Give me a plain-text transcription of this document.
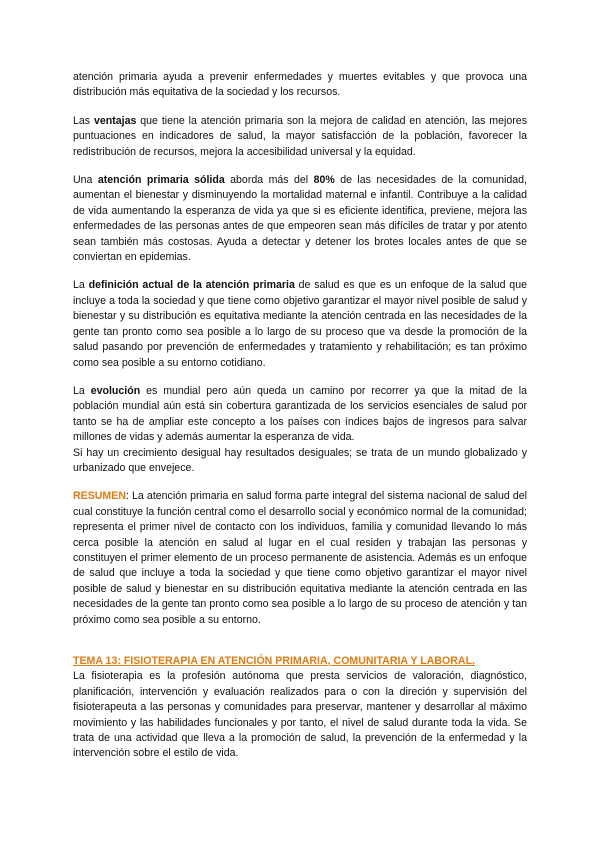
atención primaria ayuda a prevenir enfermedades y muertes evitables y que provoca una distribución más equitativa de la sociedad y los recursos.

Las ventajas que tiene la atención primaria son la mejora de calidad en atención, las mejores puntuaciones en indicadores de salud, la mayor satisfacción de la población, favorecer la redistribución de recursos, mejora la accesibilidad universal y la equidad.

Una atención primaria sólida aborda más del 80% de las necesidades de la comunidad, aumentan el bienestar y disminuyendo la mortalidad maternal e infantil. Contribuye a la calidad de vida aumentando la esperanza de vida ya que si es eficiente identifica, previene, mejora las enfermedades de las personas antes de que empeoren sean más difíciles de tratar y por atento sean también más costosas. Ayuda a detectar y detener los brotes locales antes de que se conviertan en epidemias.

La definición actual de la atención primaria de salud es que es un enfoque de la salud que incluye a toda la sociedad y que tiene como objetivo garantizar el mayor nivel posible de salud y bienestar y su distribución es equitativa mediante la atención centrada en las necesidades de la gente tan pronto como sea posible a lo largo de su proceso que va desde la promoción de la salud pasando por prevención de enfermedades y tratamiento y rehabilitación; es tan próximo como sea posible a su entorno cotidiano.

La evolución es mundial pero aún queda un camino por recorrer ya que la mitad de la población mundial aún está sin cobertura garantizada de los servicios esenciales de salud por tanto se ha de ampliar este concepto a los países con índices bajos de ingresos para salvar millones de vidas y además aumentar la esperanza de vida.

Si hay un crecimiento desigual hay resultados desiguales; se trata de un mundo globalizado y urbanizado que envejece.

RESUMEN: La atención primaria en salud forma parte integral del sistema nacional de salud del cual constituye la función central como el desarrollo social y económico normal de la comunidad; representa el primer nivel de contacto con los individuos, familia y comunidad llevando lo más cerca posible la atención en salud al lugar en el cual residen y trabajan las personas y constituyen el primer elemento de un proceso permanente de asistencia. Además es un enfoque de salud que incluye a toda la sociedad y que tiene como objetivo garantizar el mayor nivel posible de salud y bienestar en su distribución equitativa mediante la atención centrada en las necesidades de la gente tan pronto como sea posible a lo largo de su proceso de atención y tan próximo como sea posible a su entorno.

TEMA 13: FISIOTERAPIA EN ATENCIÓN PRIMARIA, COMUNITARIA Y LABORAL.

La fisioterapia es la profesión autónoma que presta servicios de valoración, diagnóstico, planificación, intervención y evaluación realizados para o con la direción y supervisión del fisioterapeuta a las personas y comunidades para preservar, mantener y desarrollar al máximo movimiento y las habilidades funcionales y por tanto, el nivel de salud durante toda la vida. Se trata de una actividad que lleva a la promoción de salud, la prevención de la enfermedad y la intervención sobre el estilo de vida.
